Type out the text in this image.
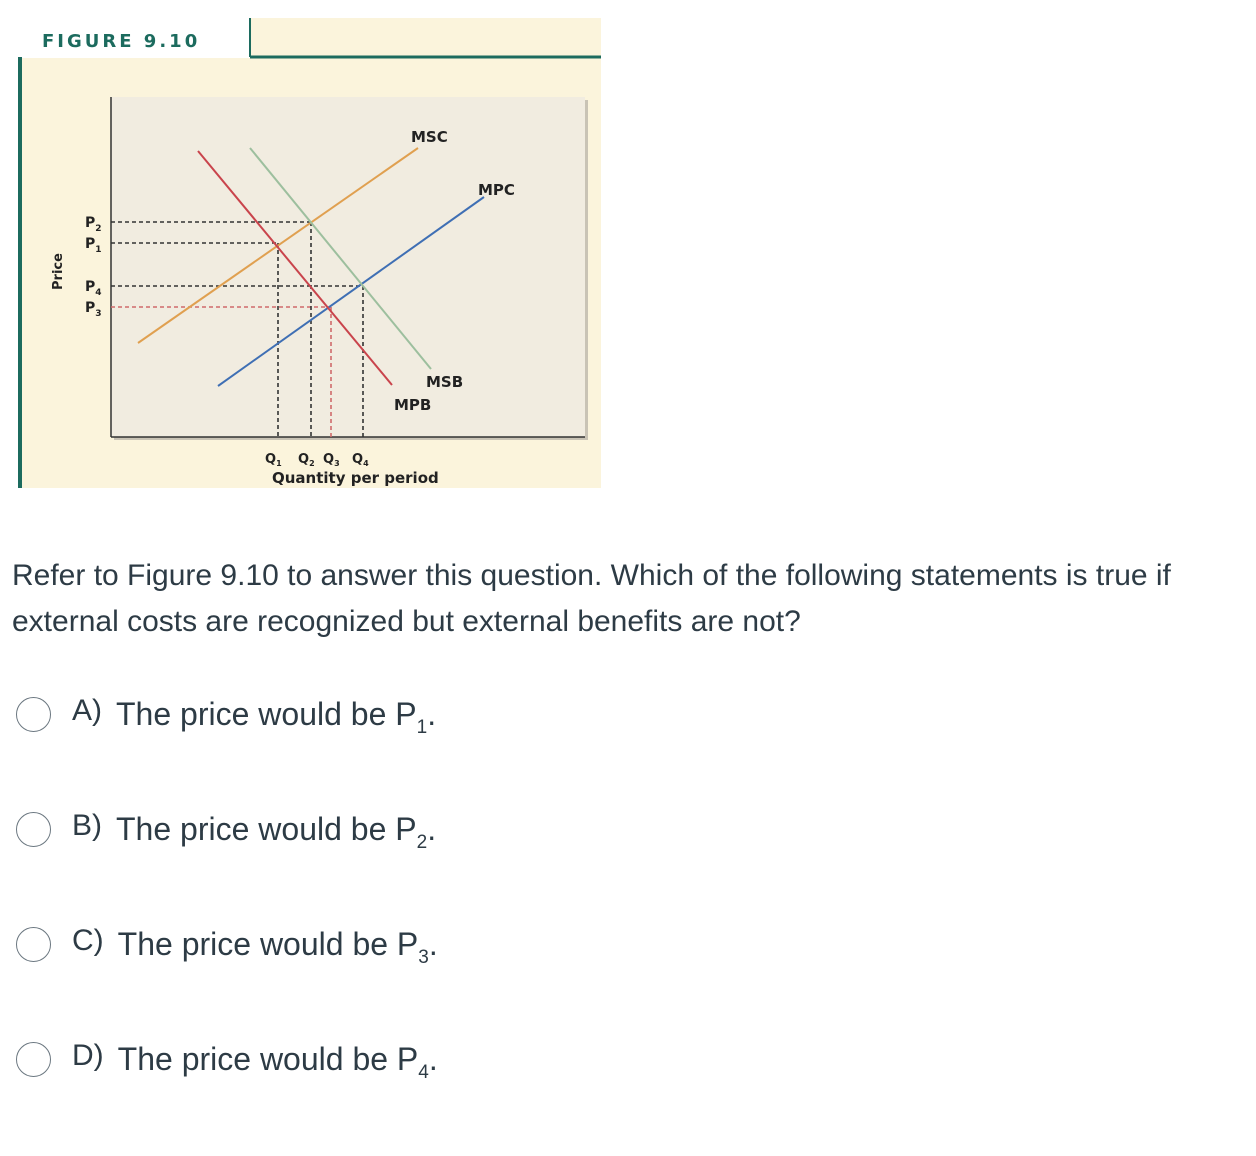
FIGURE 9.10
MSC
MPC
MSB
MPB
$P_2$
$P_1$
$P_4$
$P_3$
Price
$Q_1$ $Q_2$ $Q_3$ $Q_4$
Quantity per period

Refer to Figure 9.10 to answer this question. Which of the following statements is true if external costs are recognized but external benefits are not?

A) The price would be $P_1$.
B) The price would be $P_2$.
C) The price would be $P_3$.
D) The price would be $P_4$.
